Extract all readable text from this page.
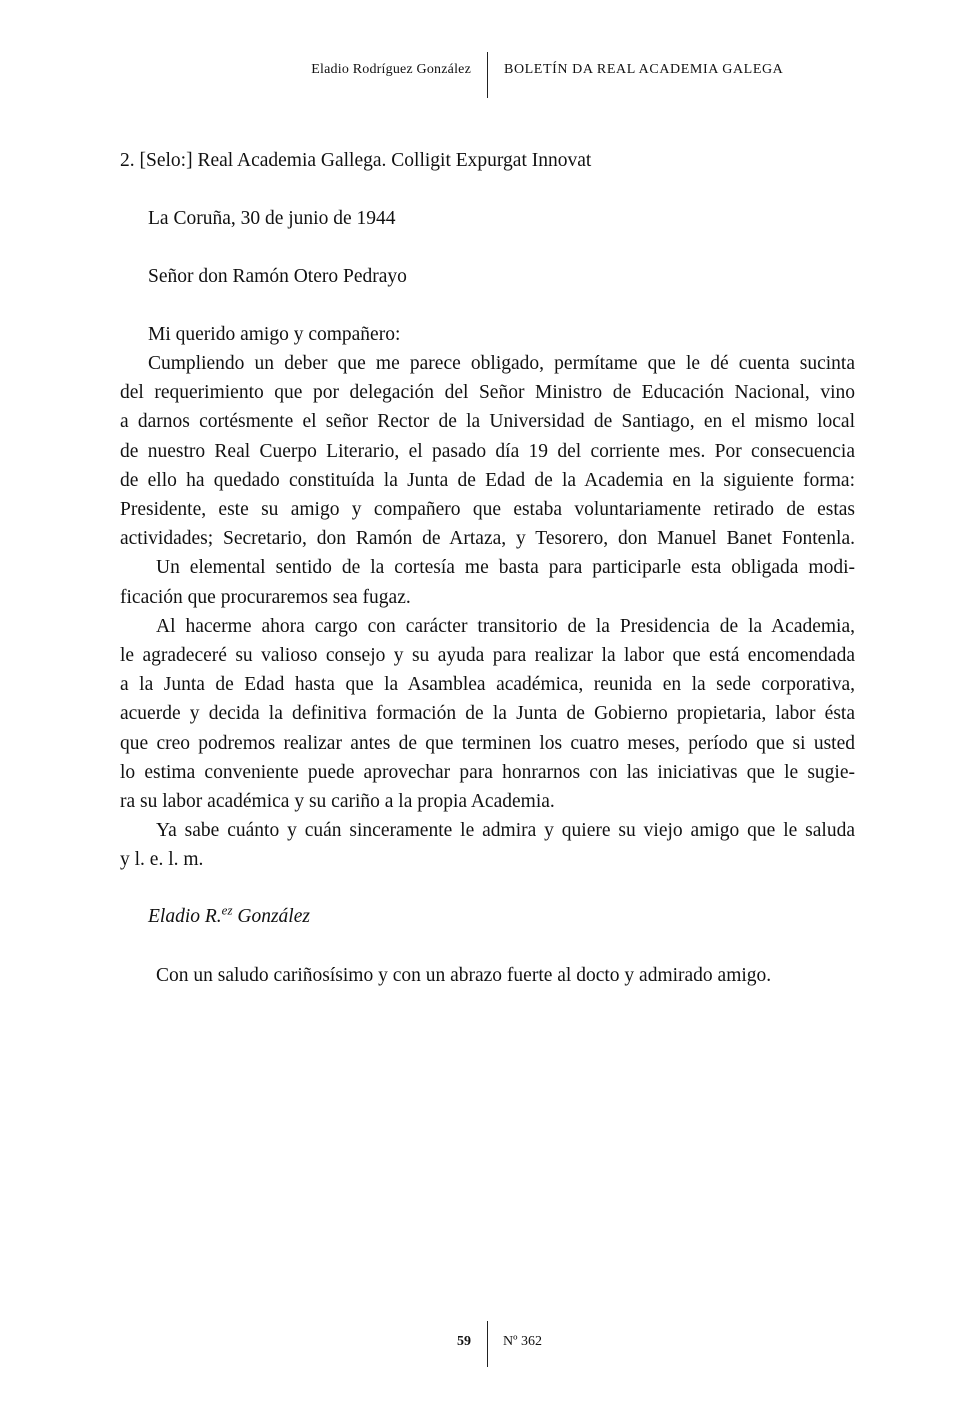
Eladio Rodríguez González BOLETÍN DA REAL ACADEMIA GALEGA
2. [Selo:] Real Academia Gallega. Colligit Expurgat Innovat
La Coruña, 30 de junio de 1944
Señor don Ramón Otero Pedrayo
Mi querido amigo y compañero:
Cumpliendo un deber que me parece obligado, permítame que le dé cuenta sucinta
del requerimiento que por delegación del Señor Ministro de Educación Nacional, vino
a darnos cortésmente el señor Rector de la Universidad de Santiago, en el mismo local
de nuestro Real Cuerpo Literario, el pasado día 19 del corriente mes. Por consecuencia
de ello ha quedado constituída la Junta de Edad de la Academia en la siguiente forma:
Presidente, este su amigo y compañero que estaba voluntariamente retirado de estas
actividades; Secretario, don Ramón de Artaza, y Tesorero, don Manuel Banet Fontenla.
Un elemental sentido de la cortesía me basta para participarle esta obligada modi-
ficación que procuraremos sea fugaz.
Al hacerme ahora cargo con carácter transitorio de la Presidencia de la Academia,
le agradeceré su valioso consejo y su ayuda para realizar la labor que está encomendada
a la Junta de Edad hasta que la Asamblea académica, reunida en la sede corporativa,
acuerde y decida la definitiva formación de la Junta de Gobierno propietaria, labor ésta
que creo podremos realizar antes de que terminen los cuatro meses, período que si usted
lo estima conveniente puede aprovechar para honrarnos con las iniciativas que le sugie-
ra su labor académica y su cariño a la propia Academia.
Ya sabe cuánto y cuán sinceramente le admira y quiere su viejo amigo que le saluda
y l. e. l. m.
Eladio R.$^{ez}$ González
Con un saludo cariñosísimo y con un abrazo fuerte al docto y admirado amigo.
59 Nº 362
